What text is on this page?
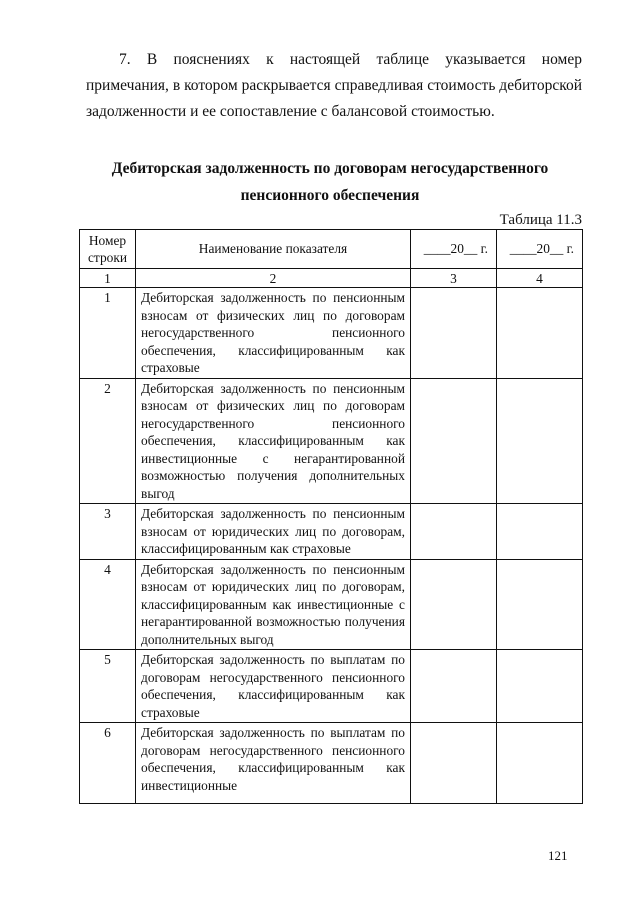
7. В пояснениях к настоящей таблице указывается номер примечания, в котором раскрывается справедливая стоимость дебиторской задолженности и ее сопоставление с балансовой стоимостью.
Дебиторская задолженность по договорам негосударственного
пенсионного обеспечения
Таблица 11.3
Номер строки	Наименование показателя	____20__ г.	____20__ г.
1	2	3	4
1	Дебиторская задолженность по пенсионным взносам от физических лиц по договорам негосударственного пенсионного обеспечения, классифицированным как страховые		
2	Дебиторская задолженность по пенсионным взносам от физических лиц по договорам негосударственного пенсионного обеспечения, классифицированным как инвестиционные с негарантированной возможностью получения дополнительных выгод		
3	Дебиторская задолженность по пенсионным взносам от юридических лиц по договорам, классифицированным как страховые		
4	Дебиторская задолженность по пенсионным взносам от юридических лиц по договорам, классифицированным как инвестиционные с негарантированной возможностью получения дополнительных выгод		
5	Дебиторская задолженность по выплатам по договорам негосударственного пенсионного обеспечения, классифицированным как страховые		
6	Дебиторская задолженность по выплатам по договорам негосударственного пенсионного обеспечения, классифицированным как инвестиционные		
121
